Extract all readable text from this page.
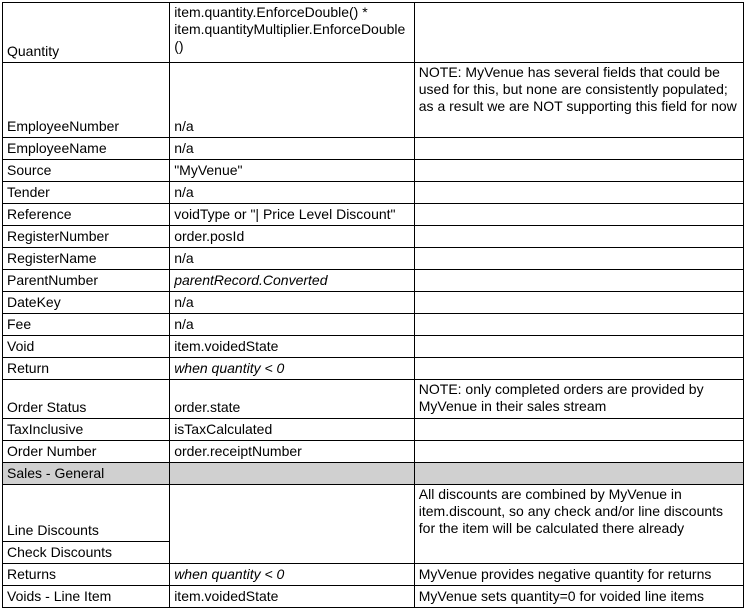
Quantity	item.quantity.EnforceDouble() * item.quantityMultiplier.EnforceDouble()	
EmployeeNumber	n/a	NOTE: MyVenue has several fields that could be used for this, but none are consistently populated; as a result we are NOT supporting this field for now
EmployeeName	n/a	
Source	"MyVenue"	
Tender	n/a	
Reference	voidType or "| Price Level Discount"	
RegisterNumber	order.posId	
RegisterName	n/a	
ParentNumber	parentRecord.Converted	
DateKey	n/a	
Fee	n/a	
Void	item.voidedState	
Return	when quantity < 0	
Order Status	order.state	NOTE: only completed orders are provided by MyVenue in their sales stream
TaxInclusive	isTaxCalculated	
Order Number	order.receiptNumber	
Sales - General		
Line Discounts		All discounts are combined by MyVenue in item.discount, so any check and/or line discounts for the item will be calculated there already
Check Discounts		
Returns	when quantity < 0	MyVenue provides negative quantity for returns
Voids - Line Item	item.voidedState	MyVenue sets quantity=0 for voided line items
